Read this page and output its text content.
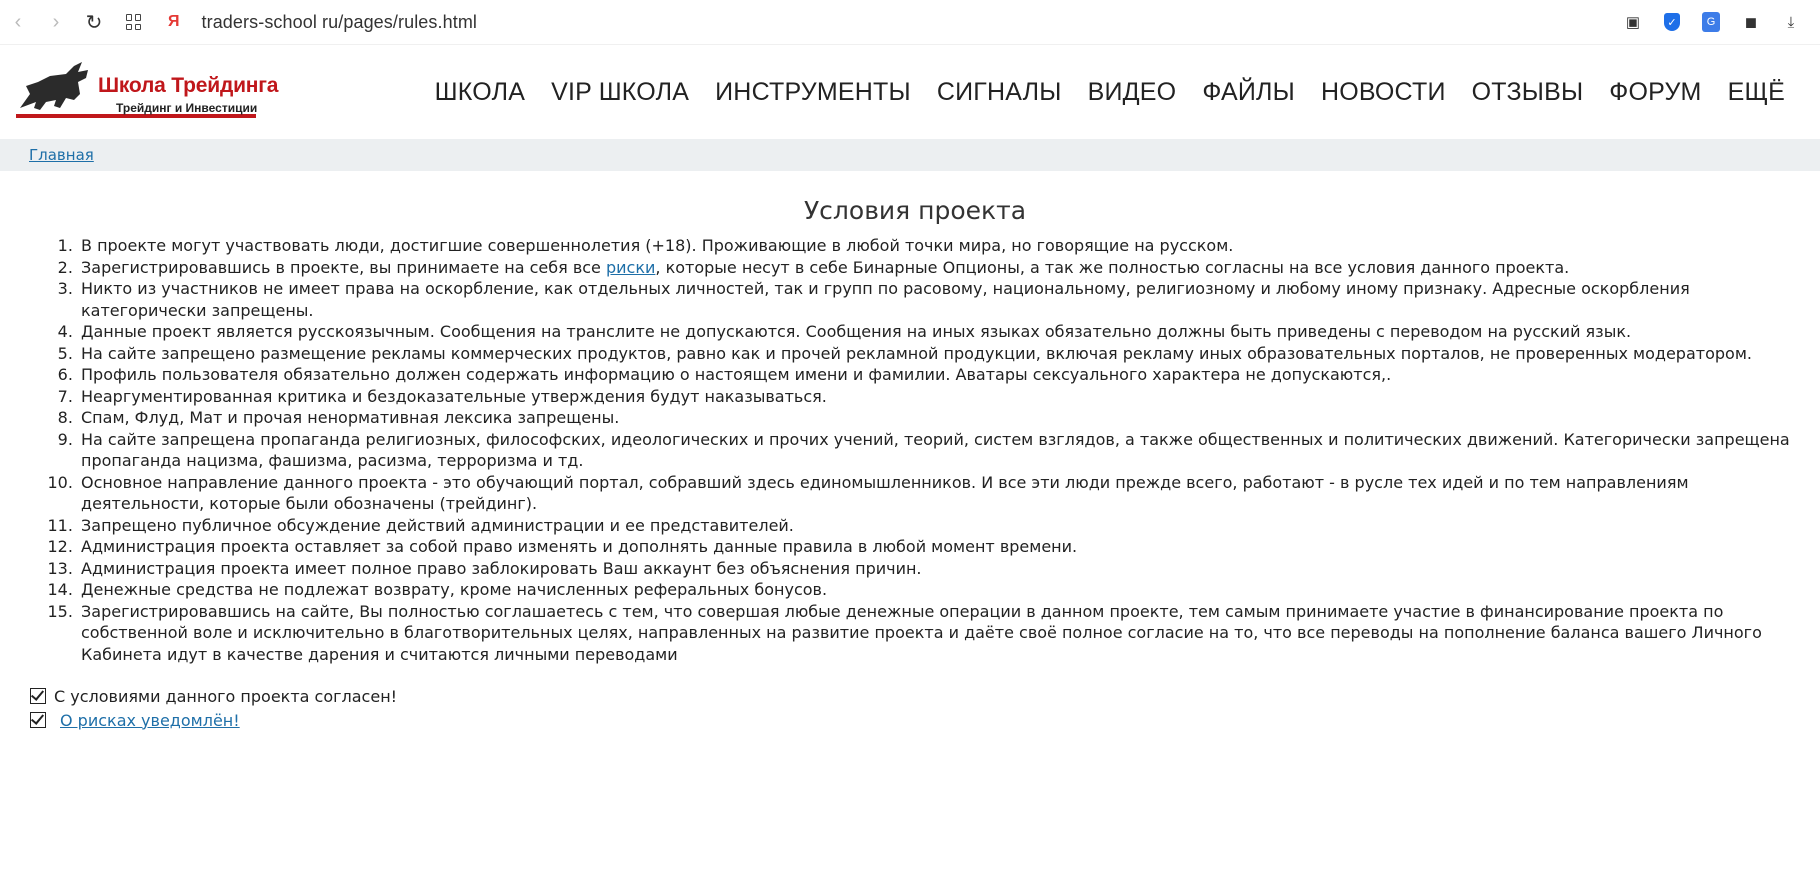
‹	›	↻	Я traders-school ru/pages/rules.html	▣	✓	G	◼	⤓
Школа Трейдинга
Трейдинг и Инвестиции
ШКОЛА	VIP ШКОЛА	ИНСТРУМЕНТЫ	СИГНАЛЫ	ВИДЕО	ФАЙЛЫ	НОВОСТИ	ОТЗЫВЫ	ФОРУМ	ЕЩЁ
Главная
Условия проекта
1. В проекте могут участвовать люди, достигшие совершеннолетия (+18). Проживающие в любой точки мира, но говорящие на русском.
2. Зарегистрировавшись в проекте, вы принимаете на себя все риски, которые несут в себе Бинарные Опционы, а так же полностью согласны на все условия данного проекта.
3. Никто из участников не имеет права на оскорбление, как отдельных личностей, так и групп по расовому, национальному, религиозному и любому иному признаку. Адресные оскорбления категорически запрещены.
4. Данные проект является русскоязычным. Сообщения на транслите не допускаются. Сообщения на иных языках обязательно должны быть приведены с переводом на русский язык.
5. На сайте запрещено размещение рекламы коммерческих продуктов, равно как и прочей рекламной продукции, включая рекламу иных образовательных порталов, не проверенных модератором.
6. Профиль пользователя обязательно должен содержать информацию о настоящем имени и фамилии. Аватары сексуального характера не допускаются,.
7. Неаргументированная критика и бездоказательные утверждения будут наказываться.
8. Спам, Флуд, Мат и прочая ненормативная лексика запрещены.
9. На сайте запрещена пропаганда религиозных, философских, идеологических и прочих учений, теорий, систем взглядов, а также общественных и политических движений. Категорически запрещена пропаганда нацизма, фашизма, расизма, терроризма и тд.
10. Основное направление данного проекта - это обучающий портал, собравший здесь единомышленников. И все эти люди прежде всего, работают - в русле тех идей и по тем направлениям деятельности, которые были обозначены (трейдинг).
11. Запрещено публичное обсуждение действий администрации и ее представителей.
12. Администрация проекта оставляет за собой право изменять и дополнять данные правила в любой момент времени.
13. Администрация проекта имеет полное право заблокировать Ваш аккаунт без объяснения причин.
14. Денежные средства не подлежат возврату, кроме начисленных реферальных бонусов.
15. Зарегистрировавшись на сайте, Вы полностью соглашаетесь с тем, что совершая любые денежные операции в данном проекте, тем самым принимаете участие в финансирование проекта по собственной воле и исключительно в благотворительных целях, направленных на развитие проекта и даёте своё полное согласие на то, что все переводы на пополнение баланса вашего Личного Кабинета идут в качестве дарения и считаются личными переводами
С условиями данного проекта согласен!
О рисках уведомлён!
